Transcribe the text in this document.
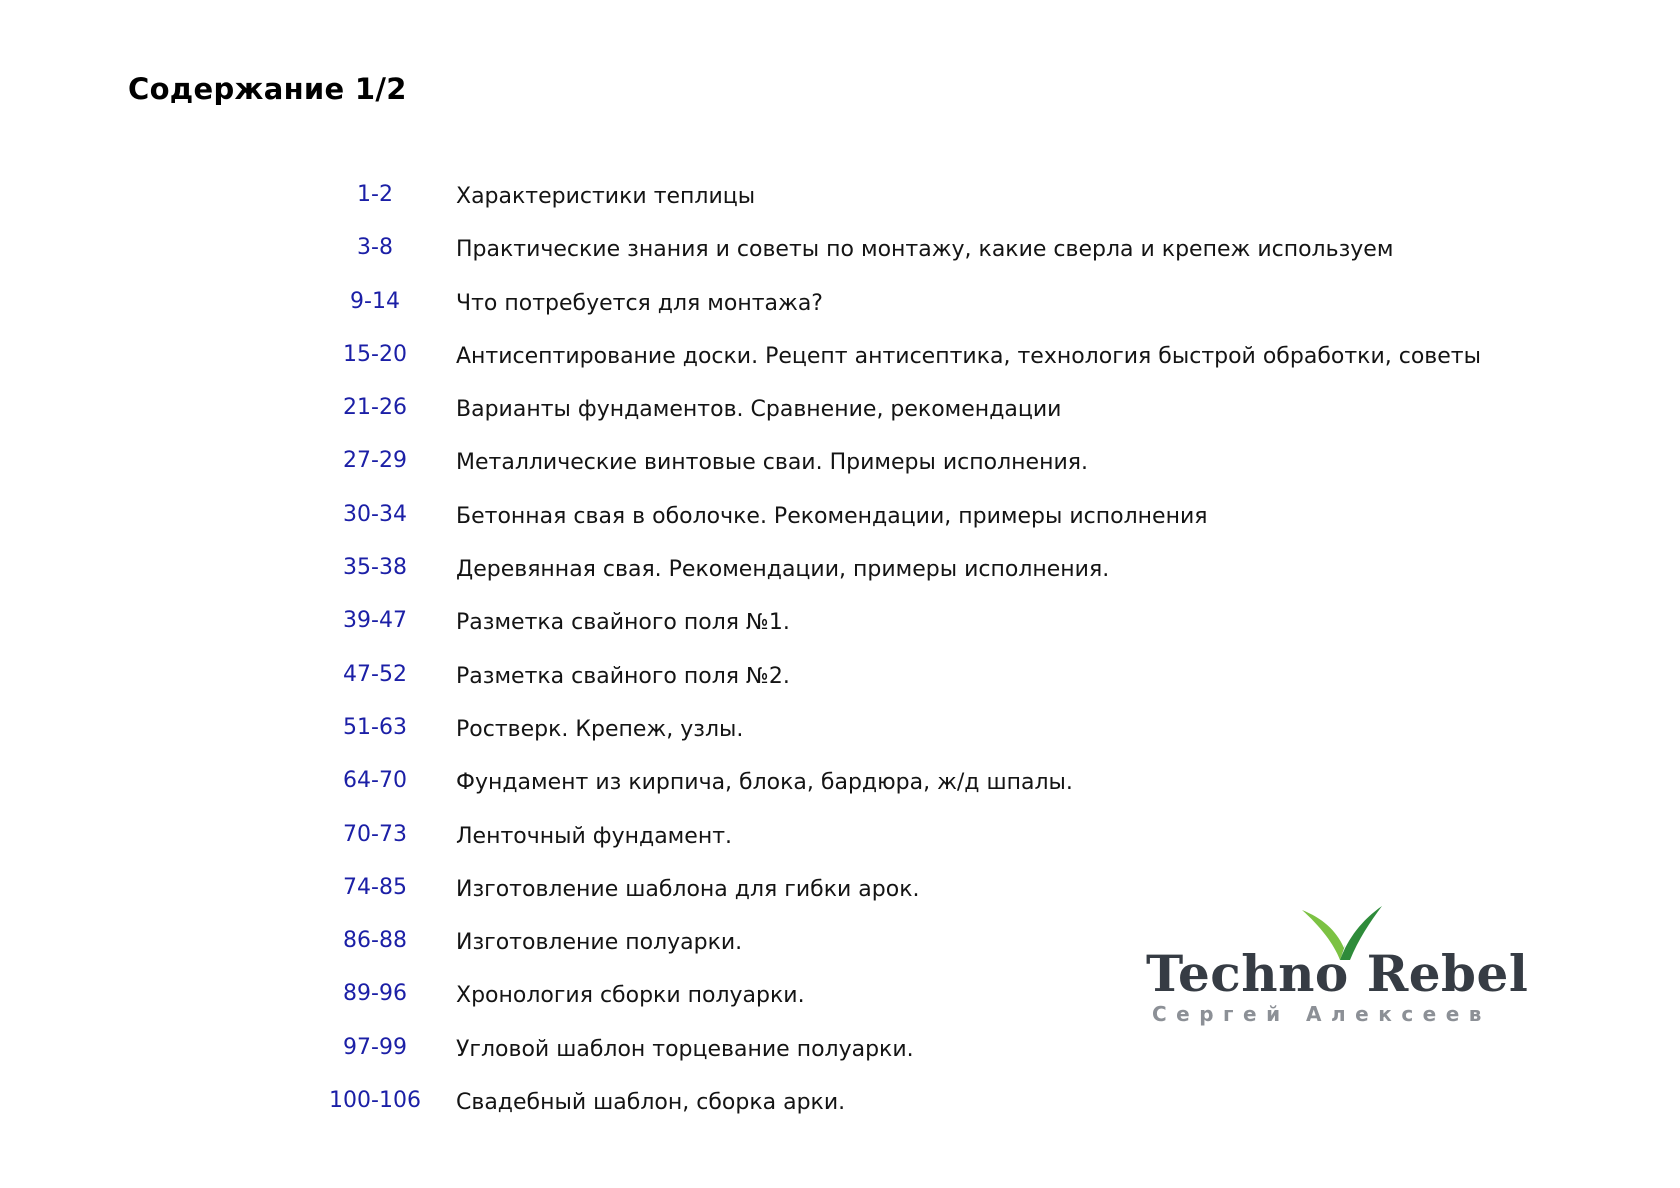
Содержание 1/2
1-2	Характеристики теплицы
3-8	Практические знания и советы по монтажу, какие сверла и крепеж используем
9-14	Что потребуется для монтажа?
15-20	Антисептирование доски. Рецепт антисептика, технология быстрой обработки, советы
21-26	Варианты фундаментов. Сравнение, рекомендации
27-29	Металлические винтовые сваи. Примеры исполнения.
30-34	Бетонная свая в оболочке. Рекомендации, примеры исполнения
35-38	Деревянная свая. Рекомендации, примеры исполнения.
39-47	Разметка свайного поля №1.
47-52	Разметка свайного поля №2.
51-63	Ростверк. Крепеж, узлы.
64-70	Фундамент из кирпича, блока, бардюра, ж/д шпалы.
70-73	Ленточный фундамент.
74-85	Изготовление шаблона для гибки арок.
86-88	Изготовление полуарки.
89-96	Хронология сборки полуарки.
97-99	Угловой шаблон торцевание полуарки.
100-106	Свадебный шаблон, сборка арки.
Techno Rebel
Сергей Алексеев
